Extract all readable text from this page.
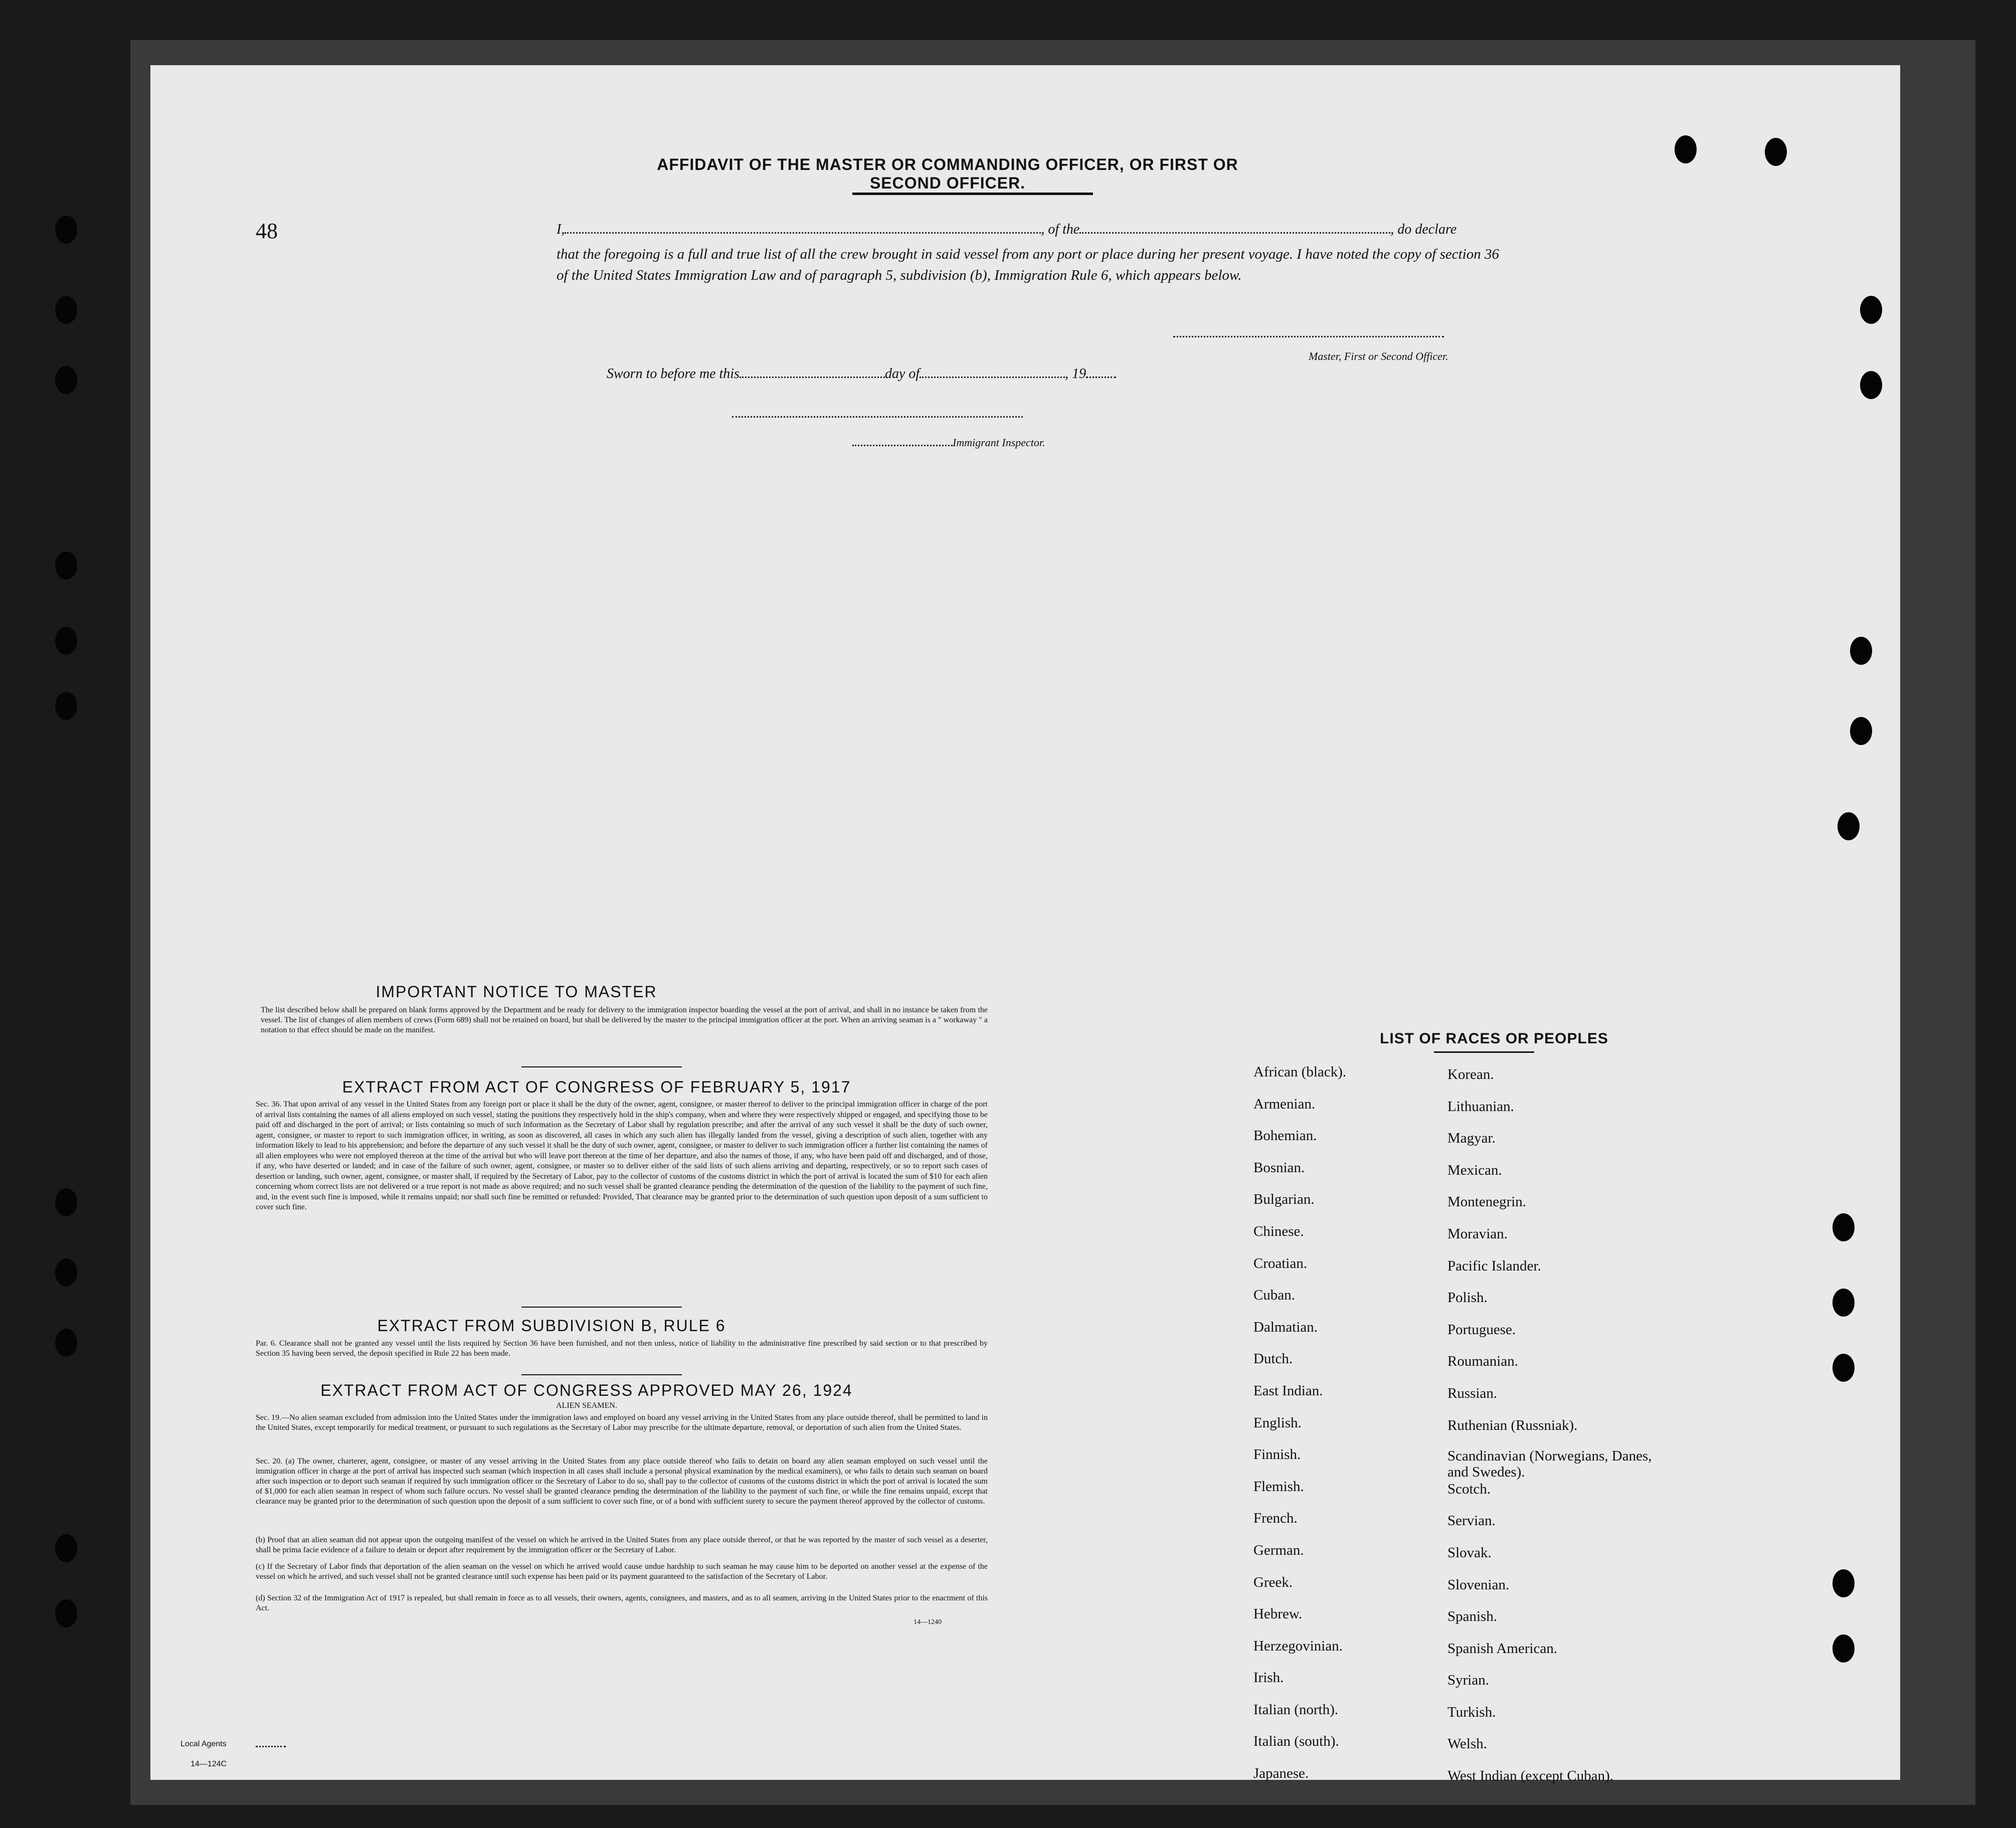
48
AFFIDAVIT OF THE MASTER OR COMMANDING OFFICER, OR FIRST OR SECOND OFFICER.
I,	, of the	, do declare
that the foregoing is a full and true list of all the crew brought in said vessel from any port or place during her present voyage. I have noted the copy of section 36 of the United States Immigration Law and of paragraph 5, subdivision (b), Immigration Rule 6, which appears below.
Master, First or Second Officer.
Sworn to before me this	day of	, 19
Immigrant Inspector.
IMPORTANT NOTICE TO MASTER
The list described below shall be prepared on blank forms approved by the Department and be ready for delivery to the immigration inspector boarding the vessel at the port of arrival, and shall in no instance be taken from the vessel. The list of changes of alien members of crews (Form 689) shall not be retained on board, but shall be delivered by the master to the principal immigration officer at the port. When an arriving seaman is a " workaway " a notation to that effect should be made on the manifest.
EXTRACT FROM ACT OF CONGRESS OF FEBRUARY 5, 1917
Sec. 36. That upon arrival of any vessel in the United States from any foreign port or place it shall be the duty of the owner, agent, consignee, or master thereof to deliver to the principal immigration officer in charge of the port of arrival lists containing the names of all aliens employed on such vessel, stating the positions they respectively hold in the ship's company, when and where they were respectively shipped or engaged, and specifying those to be paid off and discharged in the port of arrival; or lists containing so much of such information as the Secretary of Labor shall by regulation prescribe; and after the arrival of any such vessel it shall be the duty of such owner, agent, consignee, or master to report to such immigration officer, in writing, as soon as discovered, all cases in which any such alien has illegally landed from the vessel, giving a description of such alien, together with any information likely to lead to his apprehension; and before the departure of any such vessel it shall be the duty of such owner, agent, consignee, or master to deliver to such immigration officer a further list containing the names of all alien employees who were not employed thereon at the time of the arrival but who will leave port thereon at the time of her departure, and also the names of those, if any, who have been paid off and discharged, and of those, if any, who have deserted or landed; and in case of the failure of such owner, agent, consignee, or master so to deliver either of the said lists of such aliens arriving and departing, respectively, or so to report such cases of desertion or landing, such owner, agent, consignee, or master shall, if required by the Secretary of Labor, pay to the collector of customs of the customs district in which the port of arrival is located the sum of $10 for each alien concerning whom correct lists are not delivered or a true report is not made as above required; and no such vessel shall be granted clearance pending the determination of the question of the liability to the payment of such fine, and, in the event such fine is imposed, while it remains unpaid; nor shall such fine be remitted or refunded: Provided, That clearance may be granted prior to the determination of such question upon deposit of a sum sufficient to cover such fine.
EXTRACT FROM SUBDIVISION B, RULE 6
Par. 6. Clearance shall not be granted any vessel until the lists required by Section 36 have been furnished, and not then unless, notice of liability to the administrative fine prescribed by said section or to that prescribed by Section 35 having been served, the deposit specified in Rule 22 has been made.
EXTRACT FROM ACT OF CONGRESS APPROVED MAY 26, 1924
ALIEN SEAMEN.
Sec. 19.—No alien seaman excluded from admission into the United States under the immigration laws and employed on board any vessel arriving in the United States from any place outside thereof, shall be permitted to land in the United States, except temporarily for medical treatment, or pursuant to such regulations as the Secretary of Labor may prescribe for the ultimate departure, removal, or deportation of such alien from the United States.
Sec. 20. (a) The owner, charterer, agent, consignee, or master of any vessel arriving in the United States from any place outside thereof who fails to detain on board any alien seaman employed on such vessel until the immigration officer in charge at the port of arrival has inspected such seaman (which inspection in all cases shall include a personal physical examination by the medical examiners), or who fails to detain such seaman on board after such inspection or to deport such seaman if required by such immigration officer or the Secretary of Labor to do so, shall pay to the collector of customs of the customs district in which the port of arrival is located the sum of $1,000 for each alien seaman in respect of whom such failure occurs. No vessel shall be granted clearance pending the determination of the liability to the payment of such fine, or while the fine remains unpaid, except that clearance may be granted prior to the determination of such question upon the deposit of a sum sufficient to cover such fine, or of a bond with sufficient surety to secure the payment thereof approved by the collector of customs.
(b) Proof that an alien seaman did not appear upon the outgoing manifest of the vessel on which he arrived in the United States from any place outside thereof, or that he was reported by the master of such vessel as a deserter, shall be prima facie evidence of a failure to detain or deport after requirement by the immigration officer or the Secretary of Labor.
(c) If the Secretary of Labor finds that deportation of the alien seaman on the vessel on which he arrived would cause undue hardship to such seaman he may cause him to be deported on another vessel at the expense of the vessel on which he arrived, and such vessel shall not be granted clearance until such expense has been paid or its payment guaranteed to the satisfaction of the Secretary of Labor.
(d) Section 32 of the Immigration Act of 1917 is repealed, but shall remain in force as to all vessels, their owners, agents, consignees, and masters, and as to all seamen, arriving in the United States prior to the enactment of this Act.
14—1240
LIST OF RACES OR PEOPLES
African (black).
Armenian.
Bohemian.
Bosnian.
Bulgarian.
Chinese.
Croatian.
Cuban.
Dalmatian.
Dutch.
East Indian.
English.
Finnish.
Flemish.
French.
German.
Greek.
Hebrew.
Herzegovinian.
Irish.
Italian (north).
Italian (south).
Japanese.
Korean.
Lithuanian.
Magyar.
Mexican.
Montenegrin.
Moravian.
Pacific Islander.
Polish.
Portuguese.
Roumanian.
Russian.
Ruthenian (Russniak).
Scandinavian (Norwegians, Danes, and Swedes).
Scotch.
Servian.
Slovak.
Slovenian.
Spanish.
Spanish American.
Syrian.
Turkish.
Welsh.
West Indian (except Cuban).
Local Agents
14—124C
